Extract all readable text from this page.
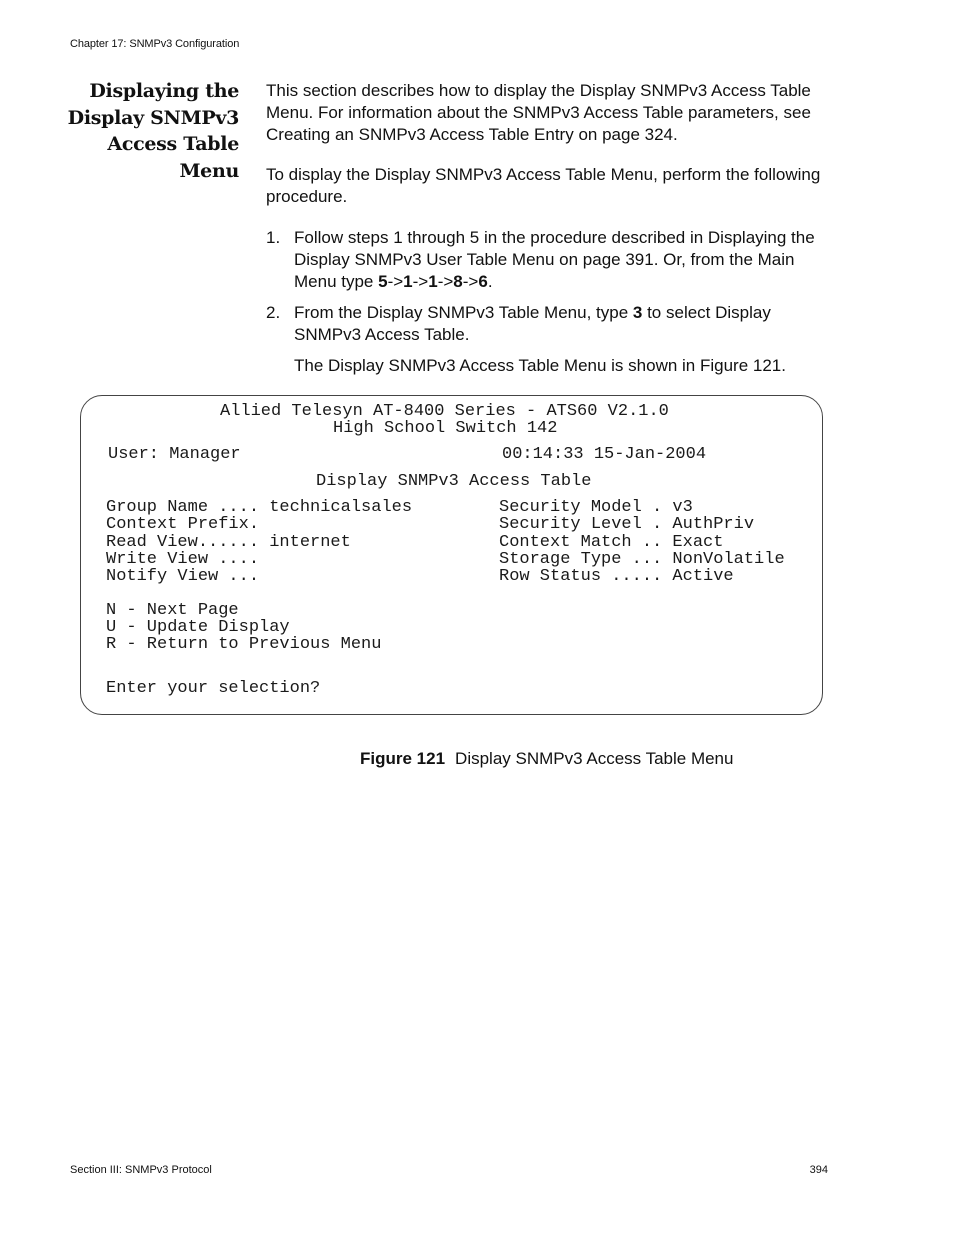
Chapter 17: SNMPv3 Configuration
Displaying the
Display SNMPv3
Access Table
Menu

This section describes how to display the Display SNMPv3 Access Table Menu. For information about the SNMPv3 Access Table parameters, see Creating an SNMPv3 Access Table Entry on page 324.

To display the Display SNMPv3 Access Table Menu, perform the following procedure.

1. Follow steps 1 through 5 in the procedure described in Displaying the Display SNMPv3 User Table Menu on page 391. Or, from the Main Menu type 5->1->1->8->6.
2. From the Display SNMPv3 Table Menu, type 3 to select Display SNMPv3 Access Table.

The Display SNMPv3 Access Table Menu is shown in Figure 121.

Allied Telesyn AT-8400 Series - ATS60 V2.1.0
High School Switch 142
User: Manager	00:14:33 15-Jan-2004
Display SNMPv3 Access Table
Group Name .... technicalsales
Context Prefix.
Read View...... internet
Write View ....
Notify View ...
Security Model . v3
Security Level . AuthPriv
Context Match .. Exact
Storage Type ... NonVolatile
Row Status ..... Active
N - Next Page
U - Update Display
R - Return to Previous Menu
Enter your selection?
Figure 121 Display SNMPv3 Access Table Menu
Section III: SNMPv3 Protocol	394
